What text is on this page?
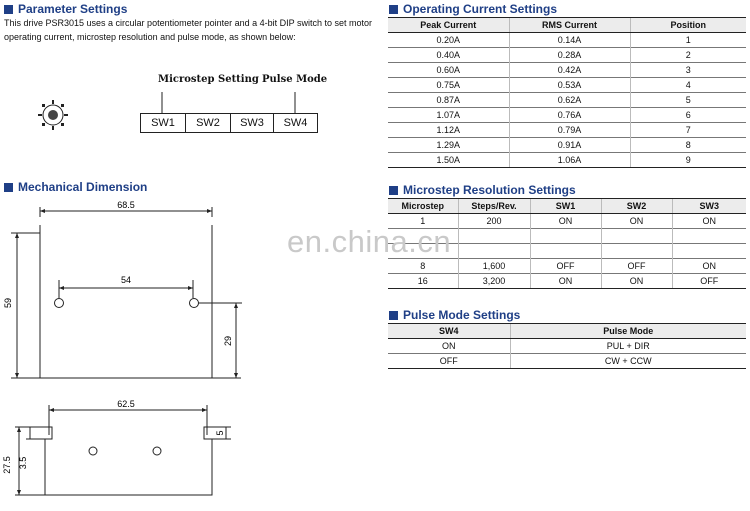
Parameter Settings
This drive PSR3015 uses a circular potentiometer pointer and a 4-bit DIP switch to set motor operating current, microstep resolution and pulse mode, as shown below:
Microstep Setting Pulse Mode
SW1	SW2	SW3	SW4
Operating Current Settings
Peak Current	RMS Current	Position
0.20A	0.14A	1
0.40A	0.28A	2
0.60A	0.42A	3
0.75A	0.53A	4
0.87A	0.62A	5
1.07A	0.76A	6
1.12A	0.79A	7
1.29A	0.91A	8
1.50A	1.06A	9
Mechanical Dimension
68.5
54
59
29
62.5
27.5 3.5
5
Microstep Resolution Settings
Microstep	Steps/Rev.	SW1	SW2	SW3
1	200	ON	ON	ON

8	1,600	OFF	OFF	ON
16	3,200	ON	ON	OFF
Pulse Mode Settings
SW4	Pulse Mode
ON	PUL + DIR
OFF	CW + CCW
en.china.cn
